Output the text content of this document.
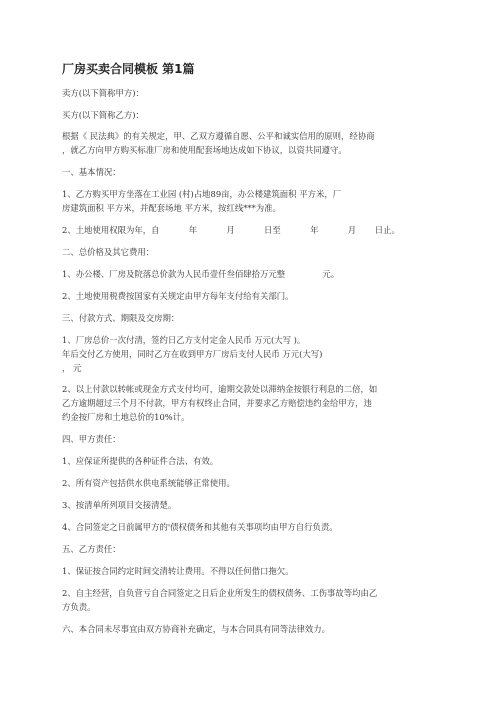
厂房买卖合同模板 第1篇

卖方(以下简称甲方)：

买方(以下简称乙方)：

根据《 民法典》的有关规定，甲、乙双方遵循自愿、公平和诚实信用的原则，经协商
，就乙方向甲方购买标准厂房和使用配套场地达成如下协议，以资共同遵守。

一、基本情况：

1、乙方购买甲方坐落在工业园 (村)占地89亩，办公楼建筑面积 平方米，厂
房建筑面积 平方米，并配套场地 平方米，按红线***为准。

2、土地使用权限为年，自           年           月           日至           年           月       日止。

二、总价格及其它费用：

1、办公楼、厂房及院落总价款为人民币壹仟叁佰肆拾万元整              元。

2、土地使用税费按国家有关规定由甲方每年支付给有关部门。

三、付款方式、期限及交房期：

1、厂房总价一次付清，签约日乙方支付定金人民币 万元(大写 )。
年后交付乙方使用，同时乙方在收到甲方厂房后支付人民币 万元(大写)
， 元

2、以上付款以转帐或现金方式支付均可，逾期交款处以滞纳金按银行利息的二倍，如
乙方逾期超过三个月不付款，甲方有权终止合同，并要求乙方赔偿违约金给甲方，违
约金按厂房和土地总价的10%计。

四、甲方责任：

1、应保证所提供的各种证件合法、有效。

2、所有资产包括供水供电系统能够正常使用。

3、按清单所列项目交接清楚。

4、合同签定之日前属甲方的'债权债务和其他有关事项均由甲方自行负责。

五、乙方责任：

1、保证按合同约定时间交清转让费用。不得以任何借口拖欠。

2、自主经营，自负营亏自合同签定之日后企业所发生的债权债务、工伤事故等均由乙
方负责。

六、本合同未尽事宜由双方协商补充确定，与本合同具有同等法律效力。
